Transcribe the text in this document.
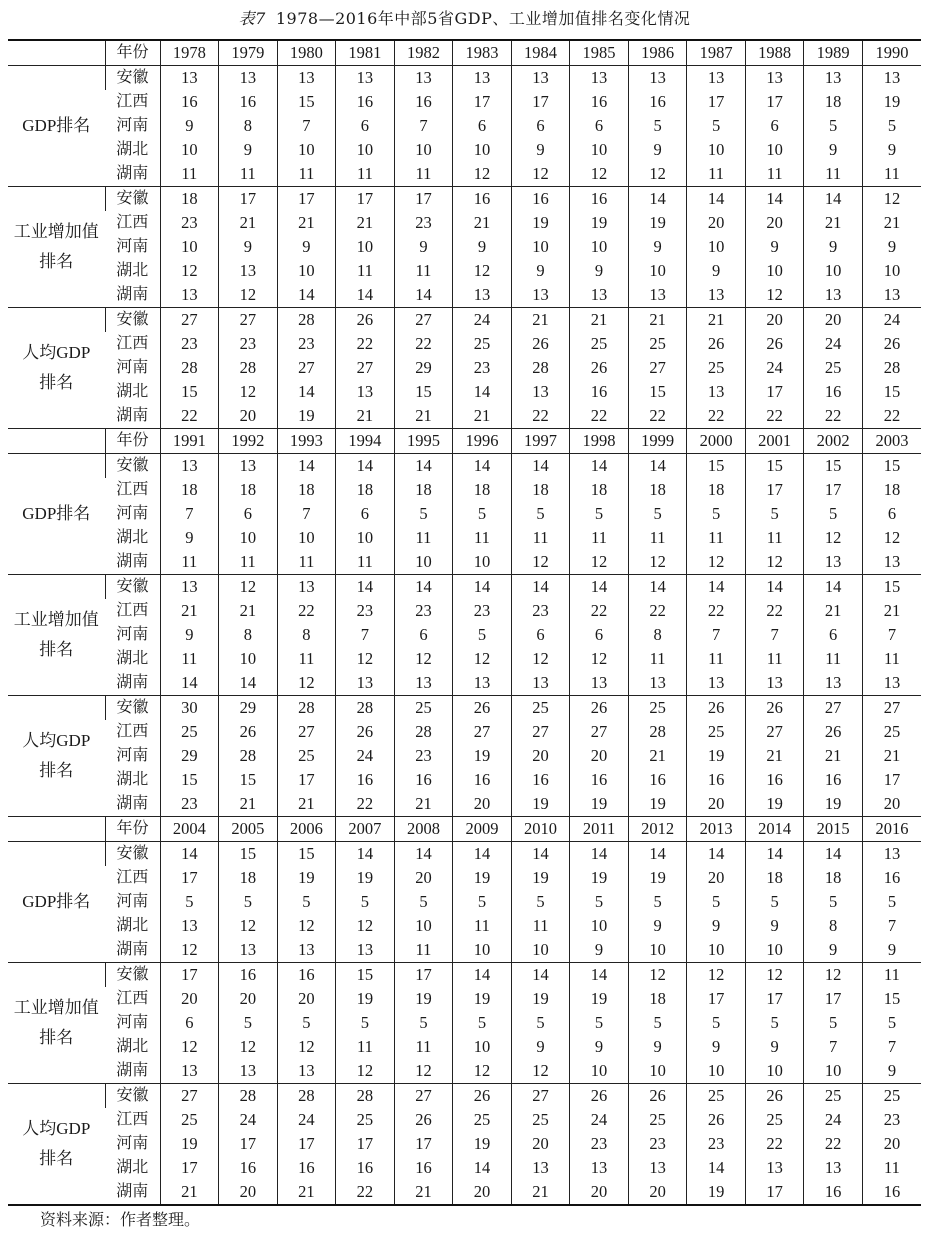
表7 1978—2016年中部5省GDP、工业增加值排名变化情况
	年份	1978	1979	1980	1981	1982	1983	1984	1985	1986	1987	1988	1989	1990

GDP排名	安徽	13	13	13	13	13	13	13	13	13	13	13	13	13
	江西	16	16	15	16	16	17	17	16	16	17	17	18	19
	河南	9	8	7	6	7	6	6	6	5	5	6	5	5
	湖北	10	9	10	10	10	10	9	10	9	10	10	9	9
	湖南	11	11	11	11	11	12	12	12	12	11	11	11	11

工业增加值
排名	安徽	18	17	17	17	17	16	16	16	14	14	14	14	12
	江西	23	21	21	21	23	21	19	19	19	20	20	21	21
	河南	10	9	9	10	9	9	10	10	9	10	9	9	9
	湖北	12	13	10	11	11	12	9	9	10	9	10	10	10
	湖南	13	12	14	14	14	13	13	13	13	13	12	13	13

人均GDP
排名	安徽	27	27	28	26	27	24	21	21	21	21	20	20	24
	江西	23	23	23	22	22	25	26	25	25	26	26	24	26
	河南	28	28	27	27	29	23	28	26	27	25	24	25	28
	湖北	15	12	14	13	15	14	13	16	15	13	17	16	15
	湖南	22	20	19	21	21	21	22	22	22	22	22	22	22
	年份	1991	1992	1993	1994	1995	1996	1997	1998	1999	2000	2001	2002	2003

GDP排名	安徽	13	13	14	14	14	14	14	14	14	15	15	15	15
	江西	18	18	18	18	18	18	18	18	18	18	17	17	18
	河南	7	6	7	6	5	5	5	5	5	5	5	5	6
	湖北	9	10	10	10	11	11	11	11	11	11	11	12	12
	湖南	11	11	11	11	10	10	12	12	12	12	12	13	13

工业增加值
排名	安徽	13	12	13	14	14	14	14	14	14	14	14	14	15
	江西	21	21	22	23	23	23	23	22	22	22	22	21	21
	河南	9	8	8	7	6	5	6	6	8	7	7	6	7
	湖北	11	10	11	12	12	12	12	12	11	11	11	11	11
	湖南	14	14	12	13	13	13	13	13	13	13	13	13	13

人均GDP
排名	安徽	30	29	28	28	25	26	25	26	25	26	26	27	27
	江西	25	26	27	26	28	27	27	27	28	25	27	26	25
	河南	29	28	25	24	23	19	20	20	21	19	21	21	21
	湖北	15	15	17	16	16	16	16	16	16	16	16	16	17
	湖南	23	21	21	22	21	20	19	19	19	20	19	19	20
	年份	2004	2005	2006	2007	2008	2009	2010	2011	2012	2013	2014	2015	2016

GDP排名	安徽	14	15	15	14	14	14	14	14	14	14	14	14	13
	江西	17	18	19	19	20	19	19	19	19	20	18	18	16
	河南	5	5	5	5	5	5	5	5	5	5	5	5	5
	湖北	13	12	12	12	10	11	11	10	9	9	9	8	7
	湖南	12	13	13	13	11	10	10	9	10	10	10	9	9

工业增加值
排名	安徽	17	16	16	15	17	14	14	14	12	12	12	12	11
	江西	20	20	20	19	19	19	19	19	18	17	17	17	15
	河南	6	5	5	5	5	5	5	5	5	5	5	5	5
	湖北	12	12	12	11	11	10	9	9	9	9	9	7	7
	湖南	13	13	13	12	12	12	12	10	10	10	10	10	9

人均GDP
排名	安徽	27	28	28	28	27	26	27	26	26	25	26	25	25
	江西	25	24	24	25	26	25	25	24	25	26	25	24	23
	河南	19	17	17	17	17	19	20	23	23	23	22	22	20
	湖北	17	16	16	16	16	14	13	13	13	14	13	13	11
	湖南	21	20	21	22	21	20	21	20	20	19	17	16	16
资料来源：作者整理。
